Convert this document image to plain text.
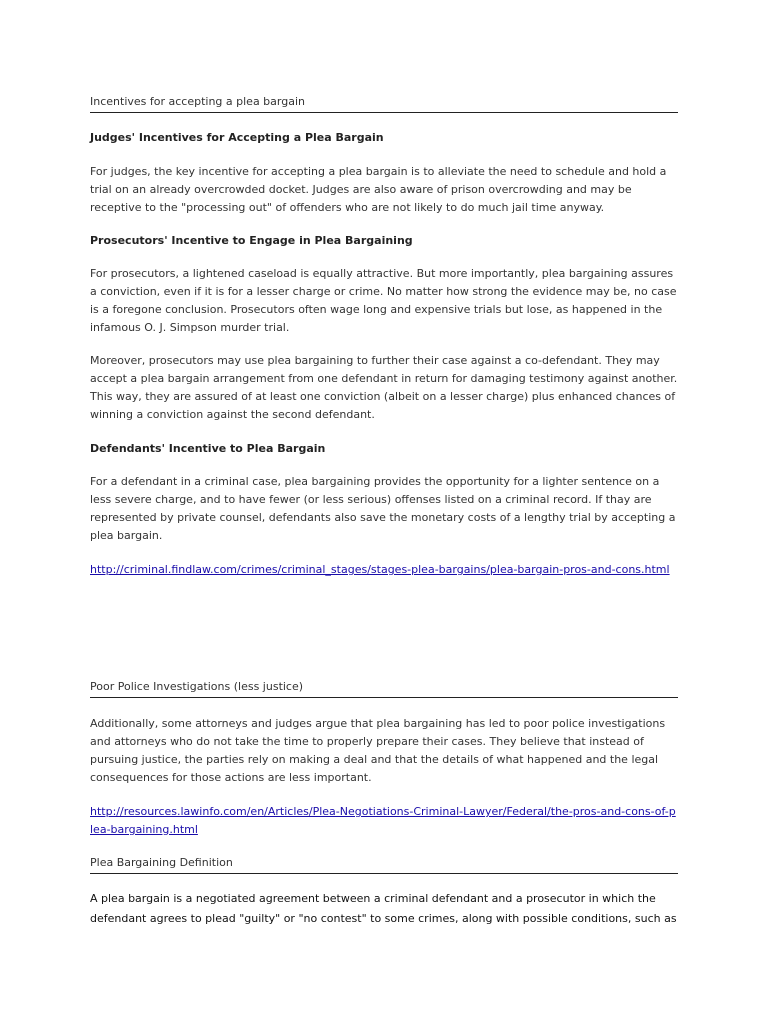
Incentives for accepting a plea bargain
Judges' Incentives for Accepting a Plea Bargain

For judges, the key incentive for accepting a plea bargain is to alleviate the need to schedule and hold a trial on an already overcrowded docket. Judges are also aware of prison overcrowding and may be receptive to the "processing out" of offenders who are not likely to do much jail time anyway.

Prosecutors' Incentive to Engage in Plea Bargaining

For prosecutors, a lightened caseload is equally attractive. But more importantly, plea bargaining assures a conviction, even if it is for a lesser charge or crime. No matter how strong the evidence may be, no case is a foregone conclusion. Prosecutors often wage long and expensive trials but lose, as happened in the infamous O. J. Simpson murder trial.

Moreover, prosecutors may use plea bargaining to further their case against a co-defendant. They may accept a plea bargain arrangement from one defendant in return for damaging testimony against another. This way, they are assured of at least one conviction (albeit on a lesser charge) plus enhanced chances of winning a conviction against the second defendant.

Defendants' Incentive to Plea Bargain

For a defendant in a criminal case, plea bargaining provides the opportunity for a lighter sentence on a less severe charge, and to have fewer (or less serious) offenses listed on a criminal record. If thay are represented by private counsel, defendants also save the monetary costs of a lengthy trial by accepting a plea bargain.

http://criminal.findlaw.com/crimes/criminal_stages/stages-plea-bargains/plea-bargain-pros-and-cons.html
Poor Police Investigations (less justice)

Additionally, some attorneys and judges argue that plea bargaining has led to poor police investigations and attorneys who do not take the time to properly prepare their cases. They believe that instead of pursuing justice, the parties rely on making a deal and that the details of what happened and the legal consequences for those actions are less important.

http://resources.lawinfo.com/en/Articles/Plea-Negotiations-Criminal-Lawyer/Federal/the-pros-and-cons-of-plea-bargaining.html
Plea Bargaining Definition

A plea bargain is a negotiated agreement between a criminal defendant and a prosecutor in which the defendant agrees to plead "guilty" or "no contest" to some crimes, along with possible conditions, such as
